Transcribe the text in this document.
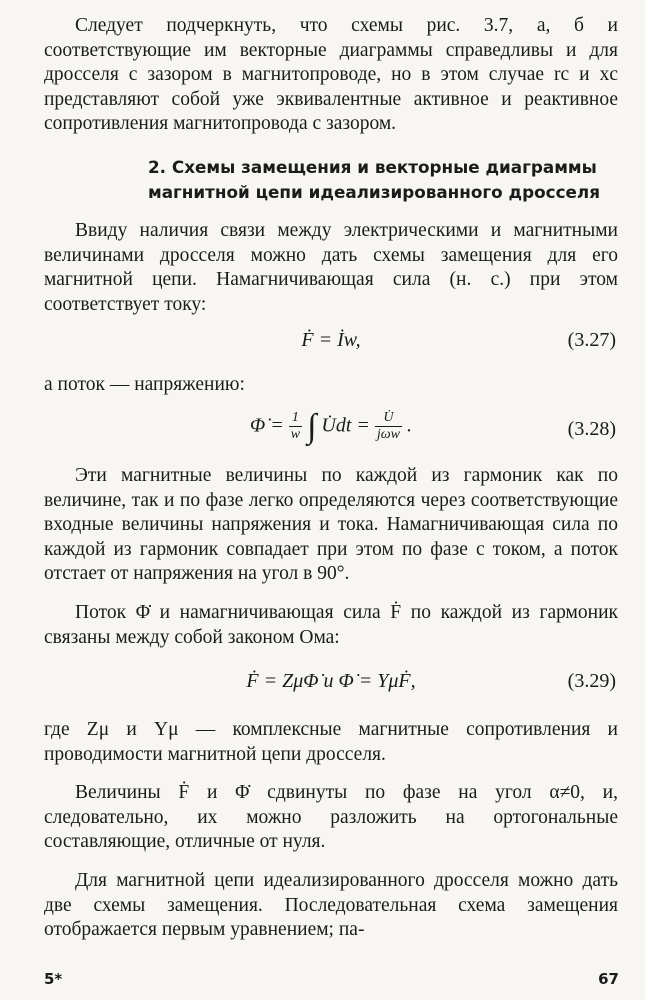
Следует подчеркнуть, что схемы рис. 3.7, а, б и соответствующие им векторные диаграммы справедливы и для дросселя с зазором в магнитопроводе, но в этом случае rс и xс представляют собой уже эквивалентные активное и реактивное сопротивления магнитопровода с зазором.

2. Схемы замещения и векторные диаграммы магнитной цепи идеализированного дросселя

Ввиду наличия связи между электрическими и магнитными величинами дросселя можно дать схемы замещения для его магнитной цепи. Намагничивающая сила (н. с.) при этом соответствует току:

Ḟ = İw,	(3.27)

а поток — напряжению:

Φ̇ = $\frac{1}{w}$ ∫ U̇dt = $\frac{U̇}{\text{jωw}}$ .	(3.28)

Эти магнитные величины по каждой из гармоник как по величине, так и по фазе легко определяются через соответствующие входные величины напряжения и тока. Намагничивающая сила по каждой из гармоник совпадает при этом по фазе с током, а поток отстает от напряжения на угол в 90°.

Поток Φ̇ и намагничивающая сила Ḟ по каждой из гармоник связаны между собой законом Ома:

Ḟ = ZμΦ̇ и Φ̇ = YμḞ,	(3.29)

где Zμ и Yμ — комплексные магнитные сопротивления и проводимости магнитной цепи дросселя.

Величины Ḟ и Φ̇ сдвинуты по фазе на угол α≠0, и, следовательно, их можно разложить на ортогональные составляющие, отличные от нуля.

Для магнитной цепи идеализированного дросселя можно дать две схемы замещения. Последовательная схема замещения отображается первым уравнением; па-

5*	67
